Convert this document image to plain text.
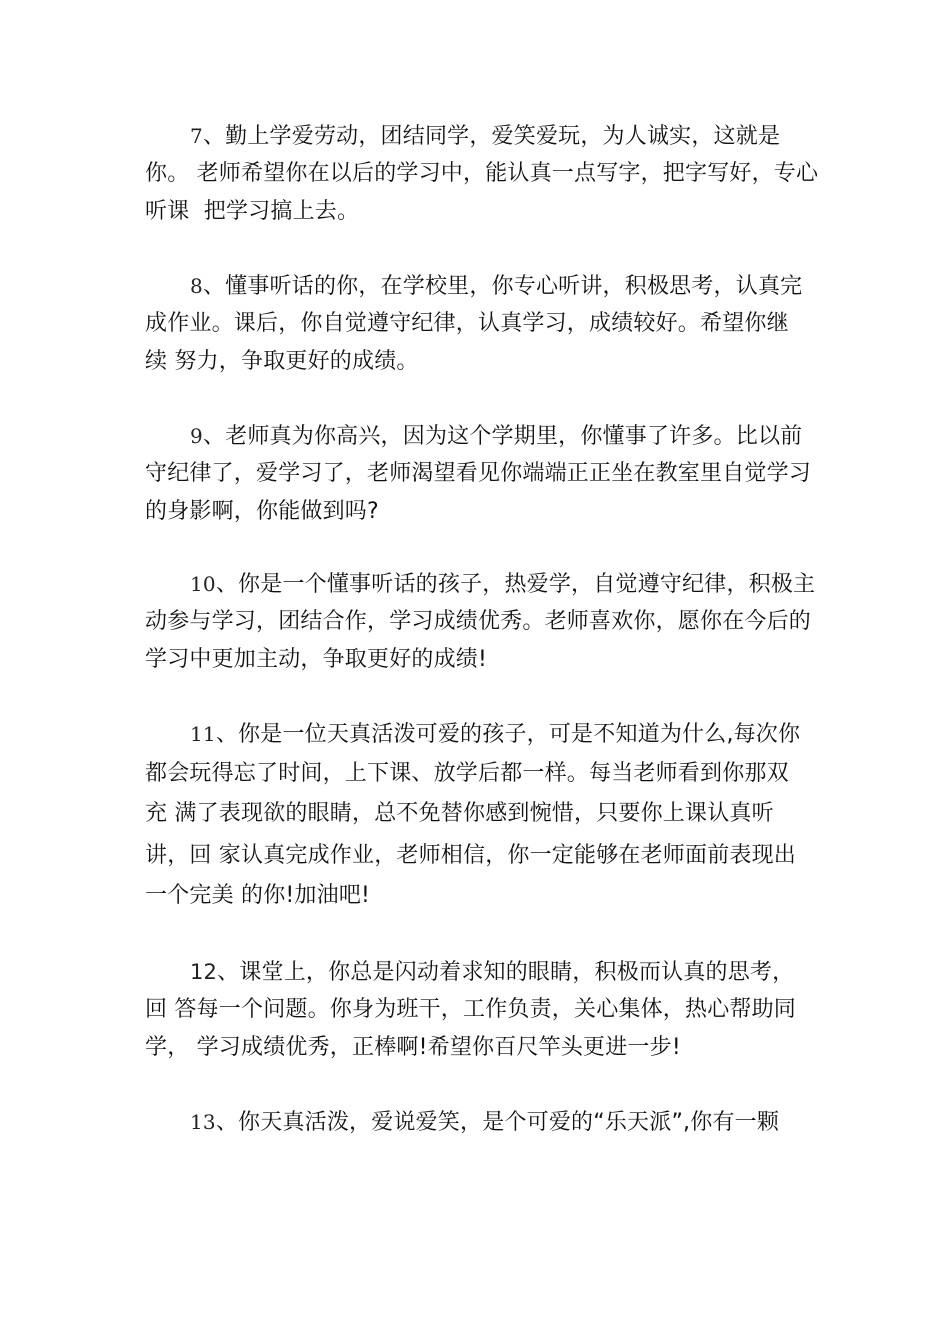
7、勤上学爱劳动，团结同学，爱笑爱玩，为人诚实，这就是
你。 老师希望你在以后的学习中，能认真一点写字，把字写好，专心
听课  把学习搞上去。
8、懂事听话的你，在学校里，你专心听讲，积极思考，认真完
成作业。课后，你自觉遵守纪律，认真学习，成绩较好。希望你继
续 努力，争取更好的成绩。
9、老师真为你高兴，因为这个学期里，你懂事了许多。比以前
守纪律了，爱学习了，老师渴望看见你端端正正坐在教室里自觉学习
的身影啊，你能做到吗?
10、你是一个懂事听话的孩子，热爱学，自觉遵守纪律，积极主
动参与学习，团结合作，学习成绩优秀。老师喜欢你，愿你在今后的
学习中更加主动，争取更好的成绩!
11、你是一位天真活泼可爱的孩子，可是不知道为什么,每次你
都会玩得忘了时间，上下课、放学后都一样。每当老师看到你那双
充 满了表现欲的眼睛，总不免替你感到惋惜，只要你上课认真听
讲，回 家认真完成作业，老师相信，你一定能够在老师面前表现出
一个完美 的你!加油吧!
12、课堂上，你总是闪动着求知的眼睛，积极而认真的思考，
回 答每一个问题。你身为班干，工作负责，关心集体，热心帮助同
学， 学习成绩优秀，正棒啊!希望你百尺竿头更进一步!
13、你天真活泼，爱说爱笑，是个可爱的“乐天派”,你有一颗
